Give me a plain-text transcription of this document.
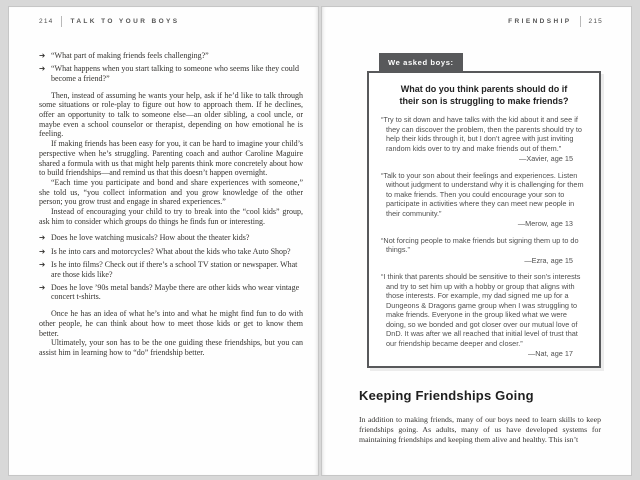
214	TALK TO YOUR BOYS
➔ “What part of making friends feels challenging?”
➔ “What happens when you start talking to someone who seems like they could become a friend?”

Then, instead of assuming he wants your help, ask if he’d like to talk through some situations or role-play to figure out how to approach them. If he declines, offer an opportunity to talk to someone else—an older sibling, a cool uncle, or maybe even a school counselor or therapist, depending on how emotional he is feeling.

If making friends has been easy for you, it can be hard to imagine your child’s perspective when he’s struggling. Parenting coach and author Caroline Maguire shared a formula with us that might help parents think more concretely about how to build friendships—and remind us that this doesn’t happen overnight.

“Each time you participate and bond and share experiences with someone,” she told us, “you collect information and you grow knowledge of the other person; you grow trust and engage in shared experiences.”

Instead of encouraging your child to try to break into the “cool kids” group, ask him to consider which groups do things he finds fun or interesting.

➔ Does he love watching musicals? How about the theater kids?
➔ Is he into cars and motorcycles? What about the kids who take Auto Shop?
➔ Is he into films? Check out if there’s a school TV station or newspaper. What are those kids like?
➔ Does he love ’90s metal bands? Maybe there are other kids who wear vintage concert t-shirts.

Once he has an idea of what he’s into and what he might find fun to do with other people, he can think about how to meet those kids or get to know them better.

Ultimately, your son has to be the one guiding these friendships, but you can assist him in learning how to “do” friendship better.

FRIENDSHIP	215
We asked boys:
What do you think parents should do if their son is struggling to make friends?

“Try to sit down and have talks with the kid about it and see if they can discover the problem, then the parents should try to help their kids through it, but I don’t agree with just inviting random kids over to try and make friends out of them.”

—Xavier, age 15

“Talk to your son about their feelings and experiences. Listen without judgment to understand why it is challenging for them to make friends. Then you could encourage your son to participate in activities where they can meet new people in their community.”

—Merow, age 13

“Not forcing people to make friends but signing them up to do things.”

—Ezra, age 15

“I think that parents should be sensitive to their son’s interests and try to set him up with a hobby or group that aligns with those interests. For example, my dad signed me up for a Dungeons & Dragons game group when I was struggling to make friends. Everyone in the group liked what we were doing, so we bonded and got closer over our mutual love of DnD. It was after we all reached that initial level of trust that our friendship became deeper and closer.”

—Nat, age 17
Keeping Friendships Going

In addition to making friends, many of our boys need to learn skills to keep friendships going. As adults, many of us have developed systems for maintaining friendships and keeping them alive and healthy. This isn’t
